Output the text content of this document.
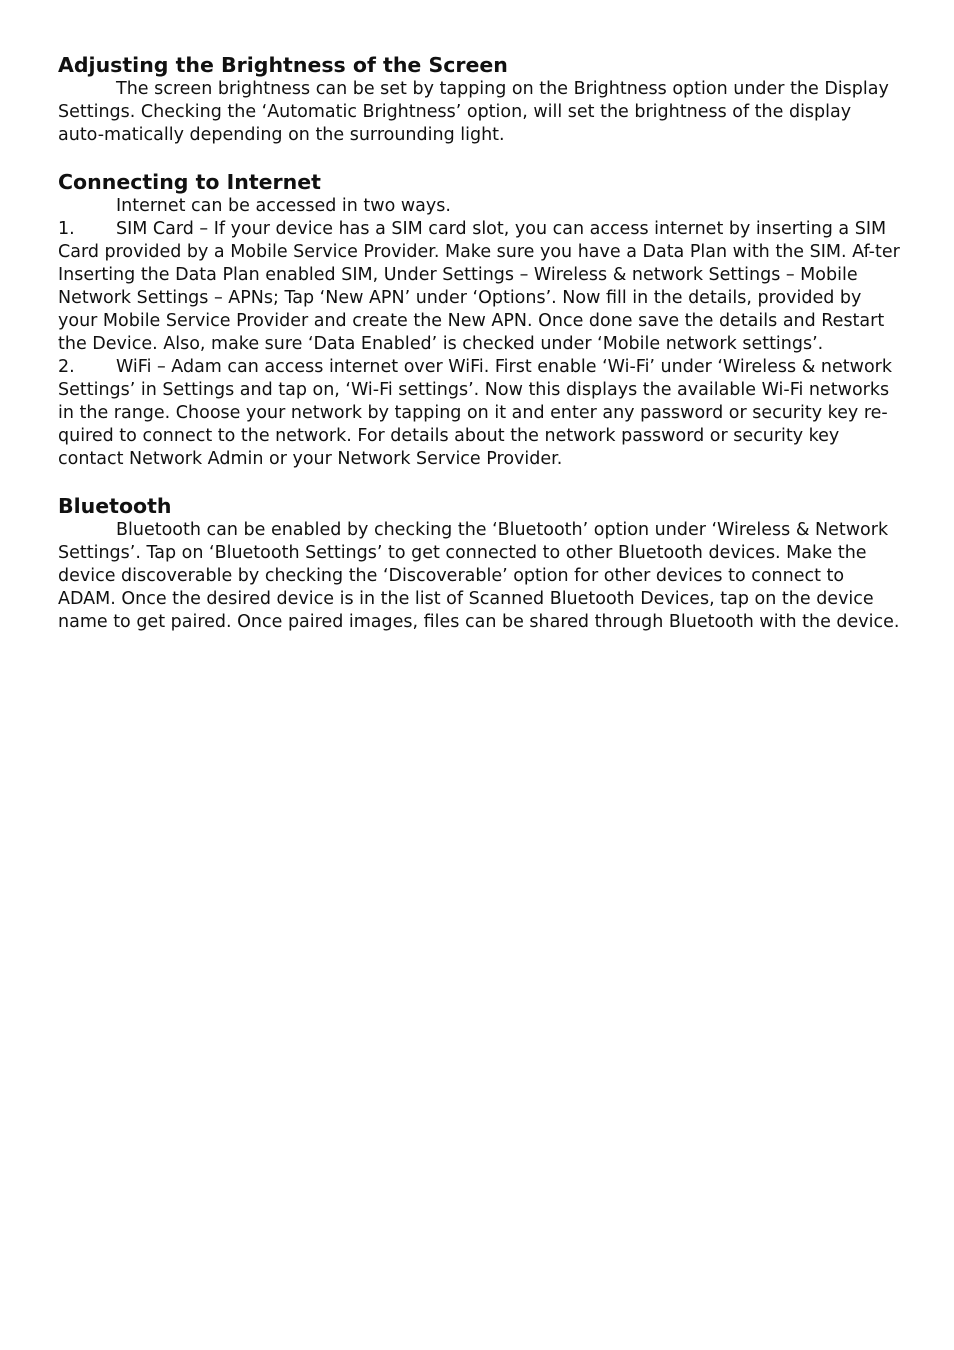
Adjusting the Brightness of the Screen

The screen brightness can be set by tapping on the Brightness option under the Display Settings. Checking the ‘Automatic Brightness’ option, will set the brightness of the display auto-matically depending on the surrounding light.

Connecting to Internet

Internet can be accessed in two ways.

1. SIM Card – If your device has a SIM card slot, you can access internet by inserting a SIM Card provided by a Mobile Service Provider. Make sure you have a Data Plan with the SIM. Af-ter Inserting the Data Plan enabled SIM, Under Settings – Wireless & network Settings – Mobile Network Settings – APNs; Tap ‘New APN’ under ‘Options’. Now fill in the details, provided by your Mobile Service Provider and create the New APN. Once done save the details and Restart the Device. Also, make sure ‘Data Enabled’ is checked under ‘Mobile network settings’.

2. WiFi – Adam can access internet over WiFi. First enable ‘Wi-Fi’ under ‘Wireless & network Settings’ in Settings and tap on, ‘Wi-Fi settings’. Now this displays the available Wi-Fi networks in the range. Choose your network by tapping on it and enter any password or security key re-quired to connect to the network. For details about the network password or security key contact Network Admin or your Network Service Provider.

Bluetooth

Bluetooth can be enabled by checking the ‘Bluetooth’ option under ‘Wireless & Network Settings’. Tap on ‘Bluetooth Settings’ to get connected to other Bluetooth devices. Make the device discoverable by checking the ‘Discoverable’ option for other devices to connect to ADAM. Once the desired device is in the list of Scanned Bluetooth Devices, tap on the device name to get paired. Once paired images, files can be shared through Bluetooth with the device.
